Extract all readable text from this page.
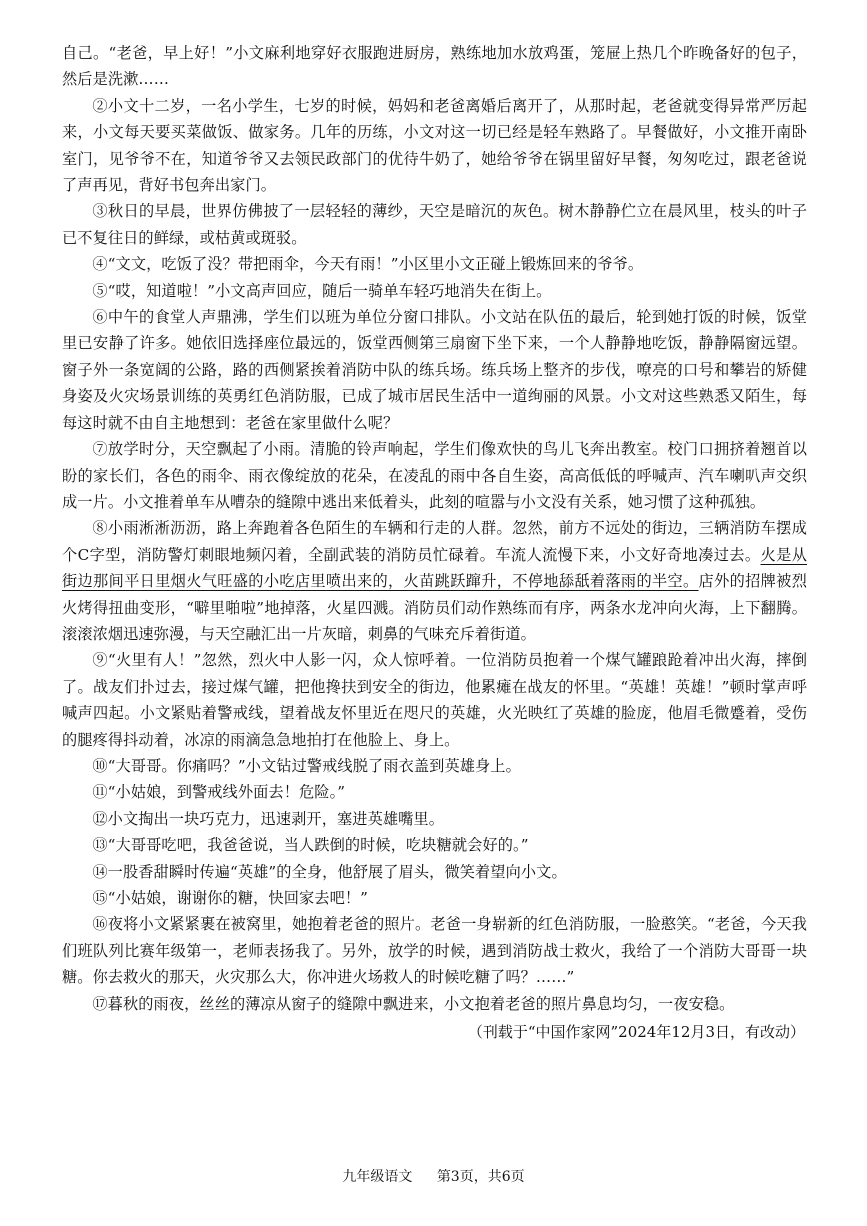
自己。“老爸，早上好！”小文麻利地穿好衣服跑进厨房，熟练地加水放鸡蛋，笼屉上热几个昨晚备好的包子，然后是洗漱……

②小文十二岁，一名小学生，七岁的时候，妈妈和老爸离婚后离开了，从那时起，老爸就变得异常严厉起来，小文每天要买菜做饭、做家务。几年的历练，小文对这一切已经是轻车熟路了。早餐做好，小文推开南卧室门，见爷爷不在，知道爷爷又去领民政部门的优待牛奶了，她给爷爷在锅里留好早餐，匆匆吃过，跟老爸说了声再见，背好书包奔出家门。

③秋日的早晨，世界仿佛披了一层轻轻的薄纱，天空是暗沉的灰色。树木静静伫立在晨风里，枝头的叶子已不复往日的鲜绿，或枯黄或斑驳。

④“文文，吃饭了没？带把雨伞，今天有雨！”小区里小文正碰上锻炼回来的爷爷。

⑤“哎，知道啦！”小文高声回应，随后一骑单车轻巧地消失在街上。

⑥中午的食堂人声鼎沸，学生们以班为单位分窗口排队。小文站在队伍的最后，轮到她打饭的时候，饭堂里已安静了许多。她依旧选择座位最远的，饭堂西侧第三扇窗下坐下来，一个人静静地吃饭，静静隔窗远望。窗子外一条宽阔的公路，路的西侧紧挨着消防中队的练兵场。练兵场上整齐的步伐，嘹亮的口号和攀岩的矫健身姿及火灾场景训练的英勇红色消防服，已成了城市居民生活中一道绚丽的风景。小文对这些熟悉又陌生，每每这时就不由自主地想到：老爸在家里做什么呢？

⑦放学时分，天空飘起了小雨。清脆的铃声响起，学生们像欢快的鸟儿飞奔出教室。校门口拥挤着翘首以盼的家长们，各色的雨伞、雨衣像绽放的花朵，在凌乱的雨中各自生姿，高高低低的呼喊声、汽车喇叭声交织成一片。小文推着单车从嘈杂的缝隙中逃出来低着头，此刻的喧嚣与小文没有关系，她习惯了这种孤独。

⑧小雨淅淅沥沥，路上奔跑着各色陌生的车辆和行走的人群。忽然，前方不远处的街边，三辆消防车摆成个C字型，消防警灯刺眼地频闪着，全副武装的消防员忙碌着。车流人流慢下来，小文好奇地凑过去。火是从街边那间平日里烟火气旺盛的小吃店里喷出来的，火苗跳跃蹿升，不停地舔舐着落雨的半空。店外的招牌被烈火烤得扭曲变形，“噼里啪啦”地掉落，火星四溅。消防员们动作熟练而有序，两条水龙冲向火海，上下翻腾。滚滚浓烟迅速弥漫，与天空融汇出一片灰暗，刺鼻的气味充斥着街道。

⑨“火里有人！”忽然，烈火中人影一闪，众人惊呼着。一位消防员抱着一个煤气罐踉跄着冲出火海，摔倒了。战友们扑过去，接过煤气罐，把他搀扶到安全的街边，他累瘫在战友的怀里。“英雄！英雄！”顿时掌声呼喊声四起。小文紧贴着警戒线，望着战友怀里近在咫尺的英雄，火光映红了英雄的脸庞，他眉毛微蹙着，受伤的腿疼得抖动着，冰凉的雨滴急急地拍打在他脸上、身上。

⑩“大哥哥。你痛吗？”小文钻过警戒线脱了雨衣盖到英雄身上。

⑪“小姑娘，到警戒线外面去！危险。”

⑫小文掏出一块巧克力，迅速剥开，塞进英雄嘴里。

⑬“大哥哥吃吧，我爸爸说，当人跌倒的时候，吃块糖就会好的。”

⑭一股香甜瞬时传遍“英雄”的全身，他舒展了眉头，微笑着望向小文。

⑮“小姑娘，谢谢你的糖，快回家去吧！”

⑯夜将小文紧紧裹在被窝里，她抱着老爸的照片。老爸一身崭新的红色消防服，一脸憨笑。“老爸，今天我们班队列比赛年级第一，老师表扬我了。另外，放学的时候，遇到消防战士救火，我给了一个消防大哥哥一块糖。你去救火的那天，火灾那么大，你冲进火场救人的时候吃糖了吗？……”

⑰暮秋的雨夜，丝丝的薄凉从窗子的缝隙中飘进来，小文抱着老爸的照片鼻息均匀，一夜安稳。

（刊载于“中国作家网”2024年12月3日，有改动）
九年级语文 第3页，共6页
